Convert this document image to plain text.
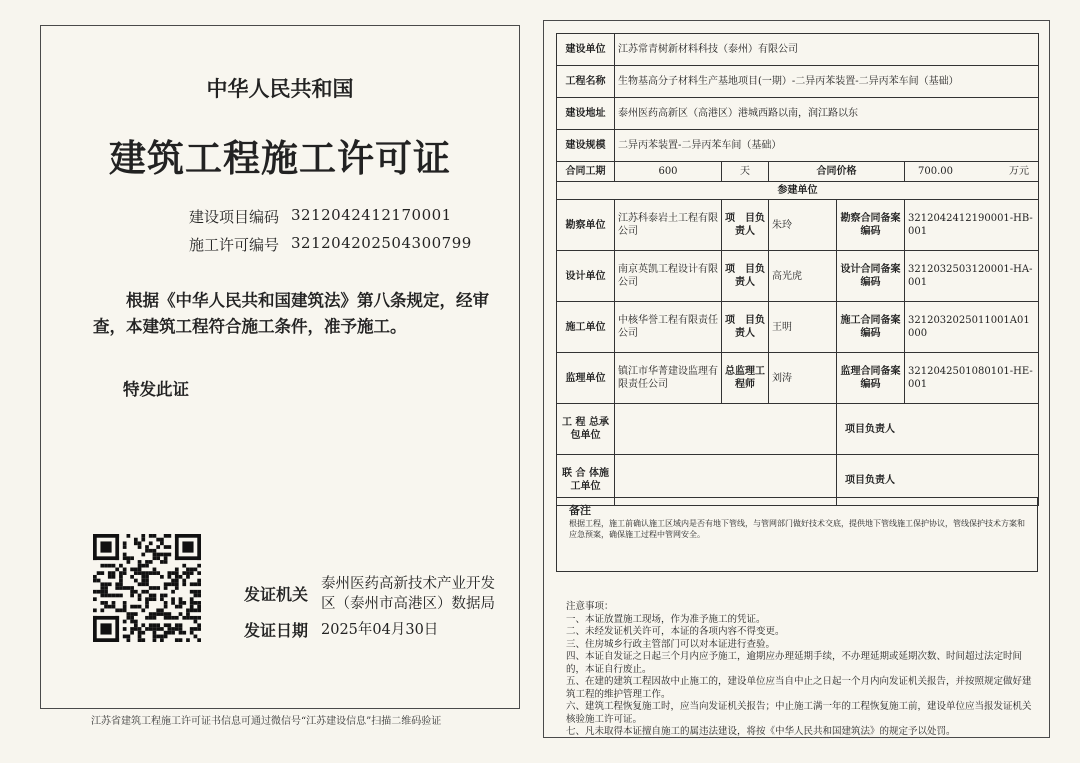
中华人民共和国
建筑工程施工许可证
建设项目编码 3212042412170001
施工许可编号 321204202504300799
根据《中华人民共和国建筑法》第八条规定，经审查，本建筑工程符合施工条件，准予施工。
特发此证
发证机关
泰州医药高新技术产业开发区（泰州市高港区）数据局
发证日期 2025年04月30日
江苏省建筑工程施工许可证书信息可通过微信号“江苏建设信息”扫描二维码验证
建设单位	江苏常青树新材料科技（泰州）有限公司				
工程名称	生物基高分子材料生产基地项目(一期）-二异丙苯装置-二异丙苯车间（基础）				
建设地址	泰州医药高新区（高港区）港城西路以南，润江路以东				
建设规模	二异丙苯装置-二异丙苯车间（基础）				
合同工期	600	天	合同价格		700.00 万元

参建单位					
勘察单位	江苏科泰岩土工程有限公司	项　目负责人	朱玲	勘察合同备案编码	3212042412190001-HB-001
设计单位	南京英凯工程设计有限公司	项　目负责人	高光虎	设计合同备案编码	3212032503120001-HA-001
施工单位	中核华誉工程有限责任公司	项　目负责人	王明	施工合同备案编码	3212032025011001A01000
监理单位	镇江市华菁建设监理有限责任公司	总监理工程师	刘涛	监理合同备案编码	3212042501080101-HE-001
工 程 总承包单位				项目负责人	
联 合 体施工单位				项目负责人	
备注
根据工程，施工前确认施工区域内是否有地下管线，与管网部门做好技术交底，提供地下管线施工保护协议，管线保护技术方案和应急预案，确保施工过程中管网安全。
注意事项：
一、本证放置施工现场，作为准予施工的凭证。
二、未经发证机关许可，本证的各项内容不得变更。
三、住房城乡行政主管部门可以对本证进行查验。
四、本证自发证之日起三个月内应予施工，逾期应办理延期手续，不办理延期或延期次数、时间超过法定时间的，本证自行废止。
五、在建的建筑工程因故中止施工的，建设单位应当自中止之日起一个月内向发证机关报告，并按照规定做好建筑工程的维护管理工作。
六、建筑工程恢复施工时，应当向发证机关报告；中止施工满一年的工程恢复施工前，建设单位应当报发证机关核验施工许可证。
七、凡未取得本证擅自施工的属违法建设，将按《中华人民共和国建筑法》的规定予以处罚。
